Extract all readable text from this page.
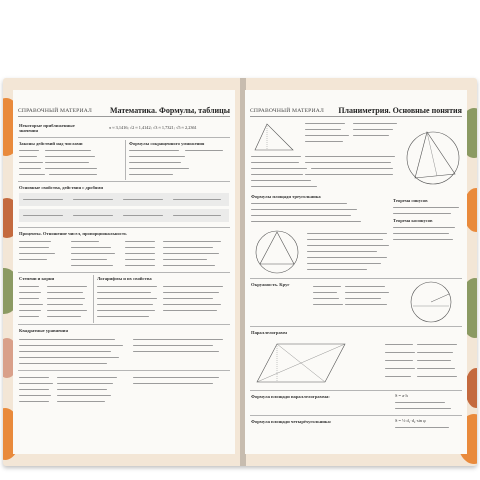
СПРАВОЧНЫЙ МАТЕРИАЛ Математика. Формулы, таблицы
Некоторые приближенные значения
π ≈ 3,1416; √2 ≈ 1,4142; √3 ≈ 1,7321; √5 ≈ 2,2361
Законы действий над числами	Формулы сокращенного умножения
Основные свойства, действия с дробями
Проценты. Отношение чисел, пропорциональность
Степени и корни	Логарифмы и их свойства
Квадратные уравнения
СПРАВОЧНЫЙ МАТЕРИАЛ Планиметрия. Основные понятия
Формулы площади треугольника
Теорема синусов
Теорема косинусов
Окружность. Круг
Параллелограмм
Формула площади параллелограмма:	S = a·h
Формула площади четырёхугольника:	S = ½ d₁·d₂·sin φ
